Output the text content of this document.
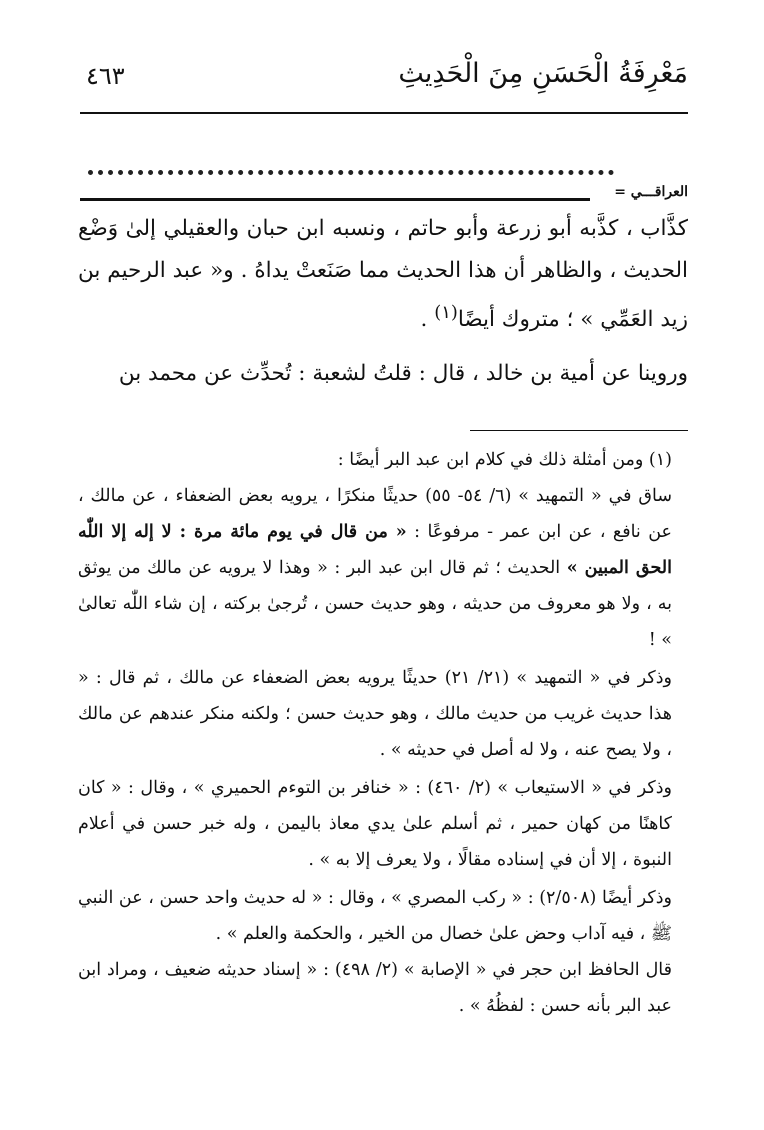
مَعْرِفَةُ الْحَسَنِ مِنَ الْحَدِيثِ
٤٦٣
العراقـــي =

كذَّاب ، كذَّبه أبو زرعة وأبو حاتم ، ونسبه ابن حبان والعقيلي إلىٰ وَضْع الحديث ، والظاهر أن هذا الحديث مما صَنَعتْ يداهُ . و« عبد الرحيم بن زيد العَمِّي » ؛ متروك أيضًا$^{(١)}$ .

وروينا عن أمية بن خالد ، قال : قلتُ لشعبة : تُحدِّث عن محمد بن

(١) ومن أمثلة ذلك في كلام ابن عبد البر أيضًا :

ساق في « التمهيد » (٦/ ٥٤- ٥٥) حديثًا منكرًا ، يرويه بعض الضعفاء ، عن مالك ، عن نافع ، عن ابن عمر - مرفوعًا : « من قال في يوم مائة مرة : لا إله إلا اللّٰه الحق المبين » الحديث ؛ ثم قال ابن عبد البر : « وهذا لا يرويه عن مالك من يوثق به ، ولا هو معروف من حديثه ، وهو حديث حسن ، تُرجىٰ بركته ، إن شاء اللّٰه تعالىٰ » !

وذكر في « التمهيد » (٢١/ ٢١) حديثًا يرويه بعض الضعفاء عن مالك ، ثم قال : « هذا حديث غريب من حديث مالك ، وهو حديث حسن ؛ ولكنه منكر عندهم عن مالك ، ولا يصح عنه ، ولا له أصل في حديثه » .

وذكر في « الاستيعاب » (٢/ ٤٦٠) : « خنافر بن التوءم الحميري » ، وقال : « كان كاهنًا من كهان حمير ، ثم أسلم علىٰ يدي معاذ باليمن ، وله خبر حسن في أعلام النبوة ، إلا أن في إسناده مقالًا ، ولا يعرف إلا به » .

وذكر أيضًا (٢/٥٠٨) : « ركب المصري » ، وقال : « له حديث واحد حسن ، عن النبي ﷺ ، فيه آداب وحض علىٰ خصال من الخير ، والحكمة والعلم » .

قال الحافظ ابن حجر في « الإصابة » (٢/ ٤٩٨) : « إسناد حديثه ضعيف ، ومراد ابن عبد البر بأنه حسن : لفظُهُ » .
